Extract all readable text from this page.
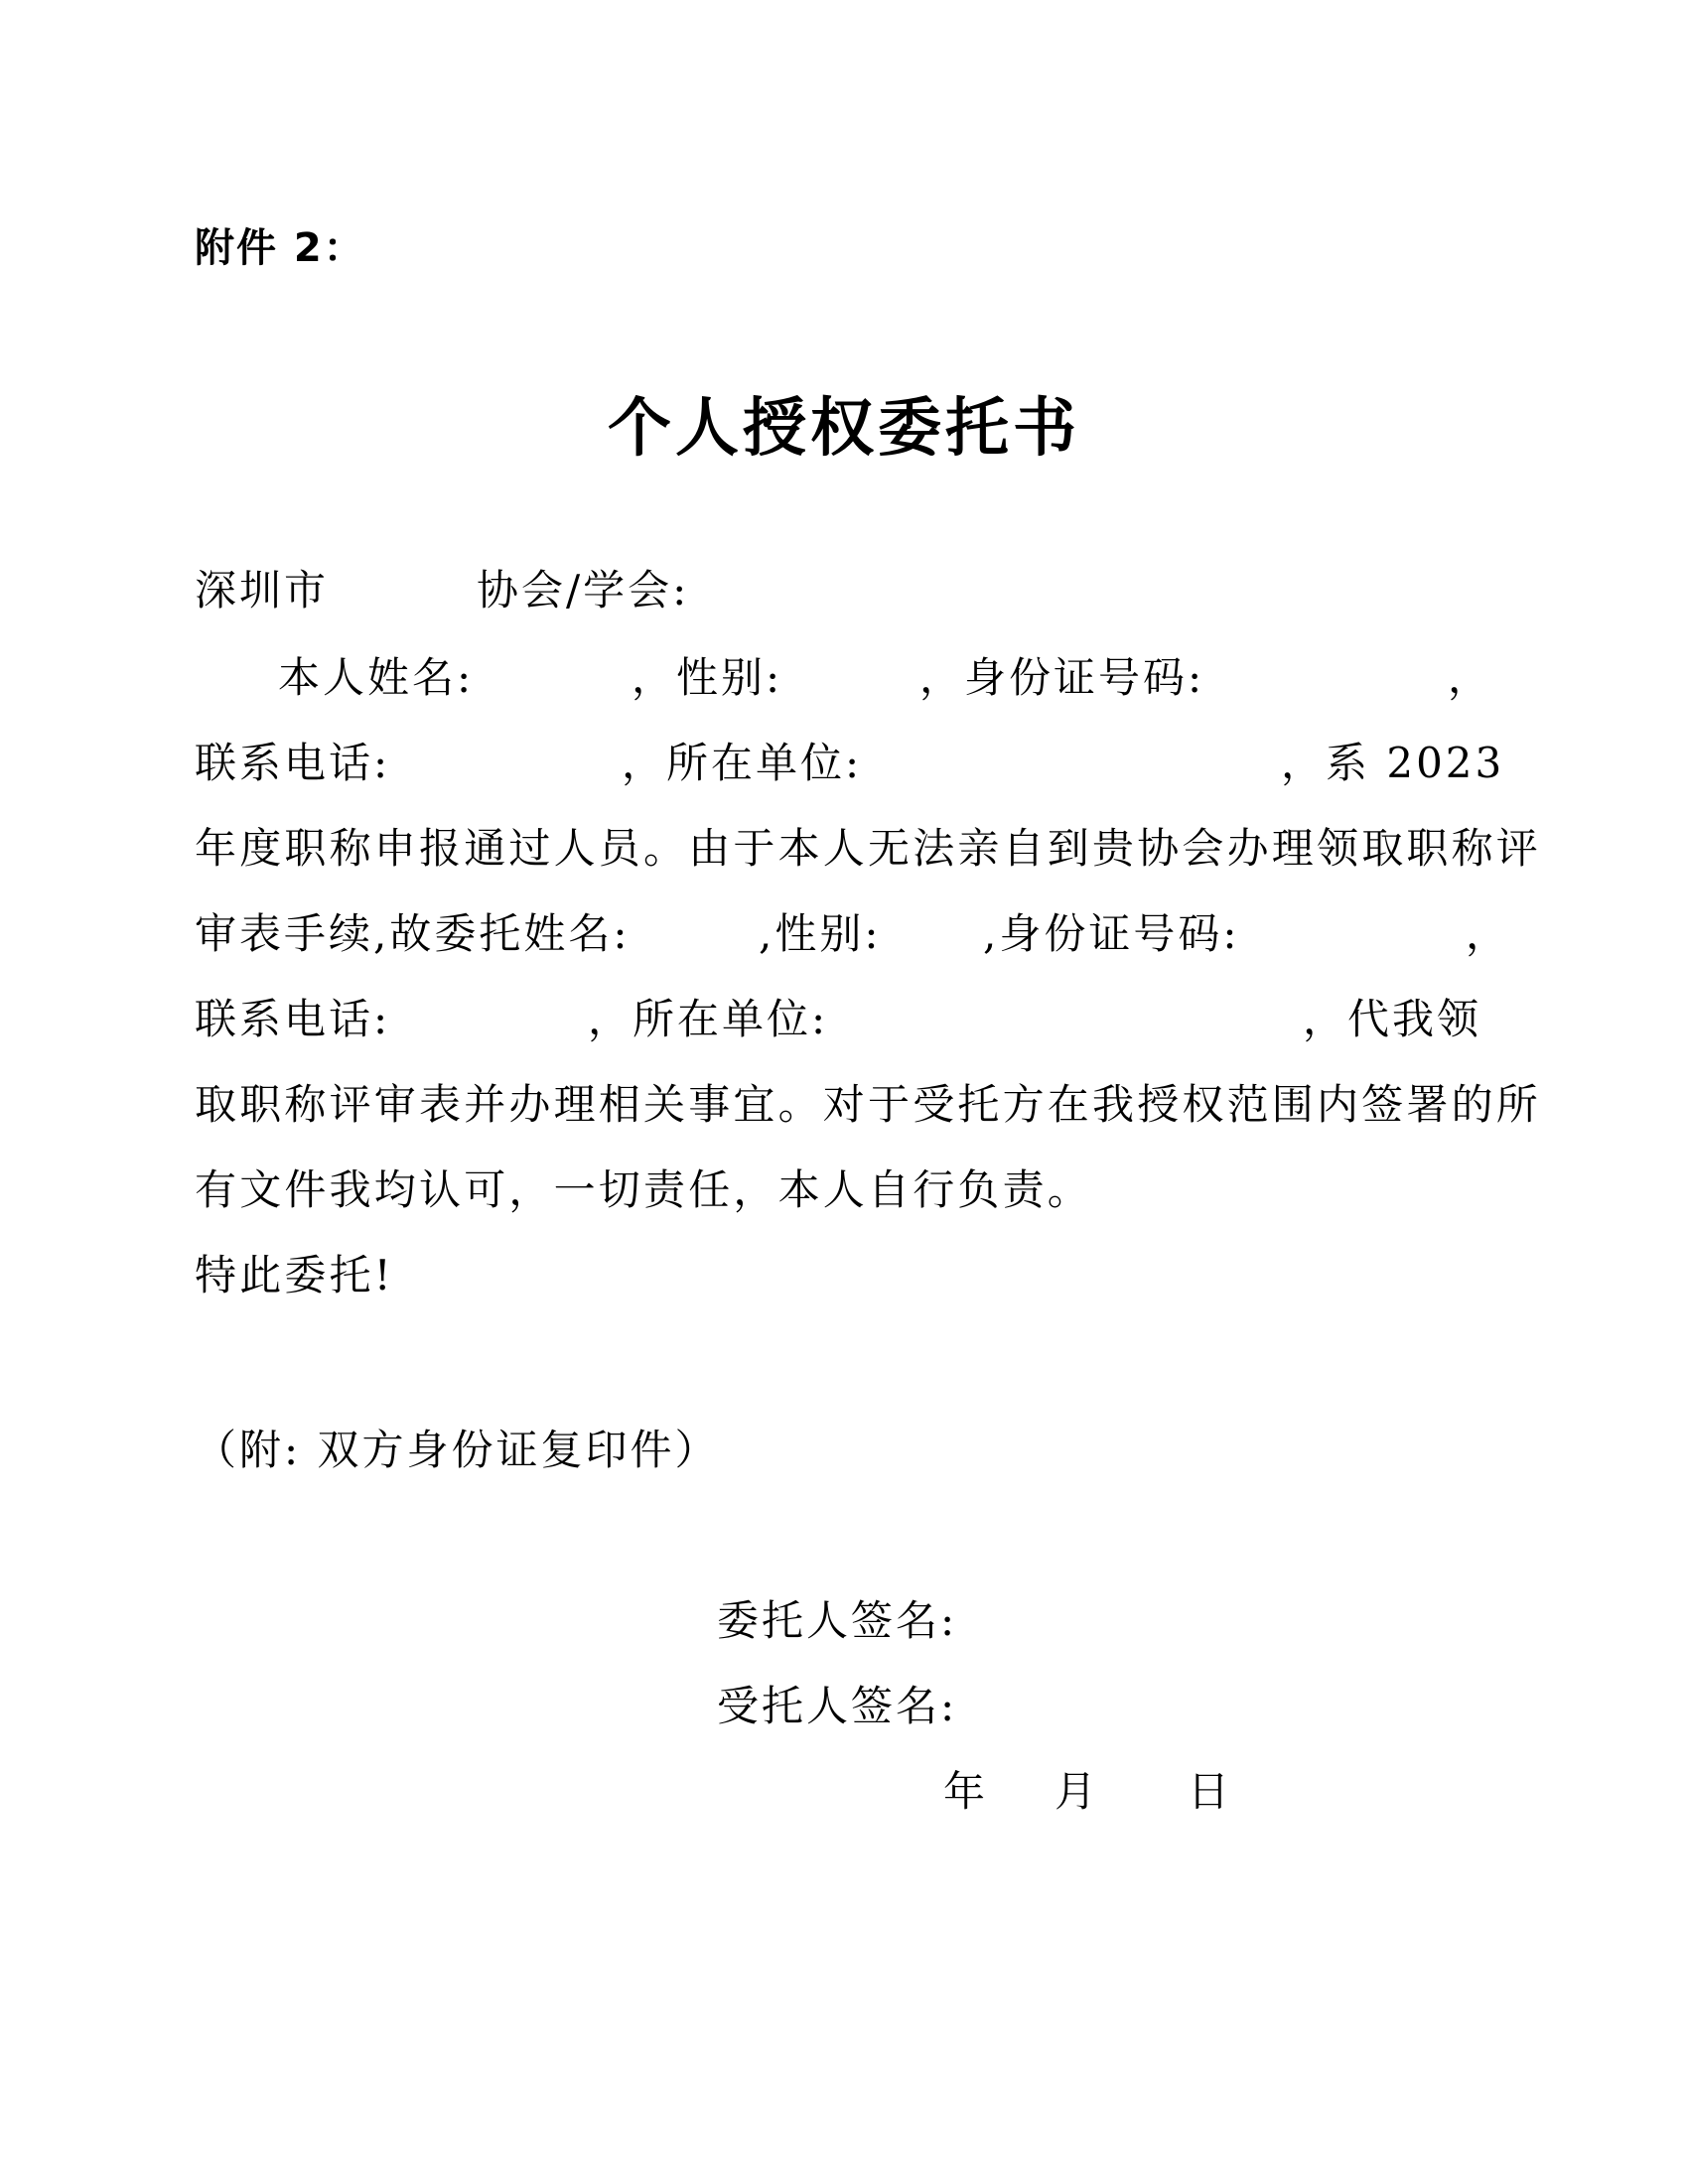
附件 2：
个人授权委托书
深圳市	协会/学会:
本人姓名:	，性别:	，身份证号码:	，
联系电话:	，所在单位:	，系 2023
年度职称申报通过人员。由于本人无法亲自到贵协会办理领取职称评
审表手续,故委托姓名:	,性别: ,身份证号码:	，
联系电话:	，所在单位:	，代我领
取职称评审表并办理相关事宜。对于受托方在我授权范围内签署的所
有文件我均认可，一切责任，本人自行负责。
特此委托!
（附: 双方身份证复印件）
委托人签名:
受托人签名:
年 月 日
